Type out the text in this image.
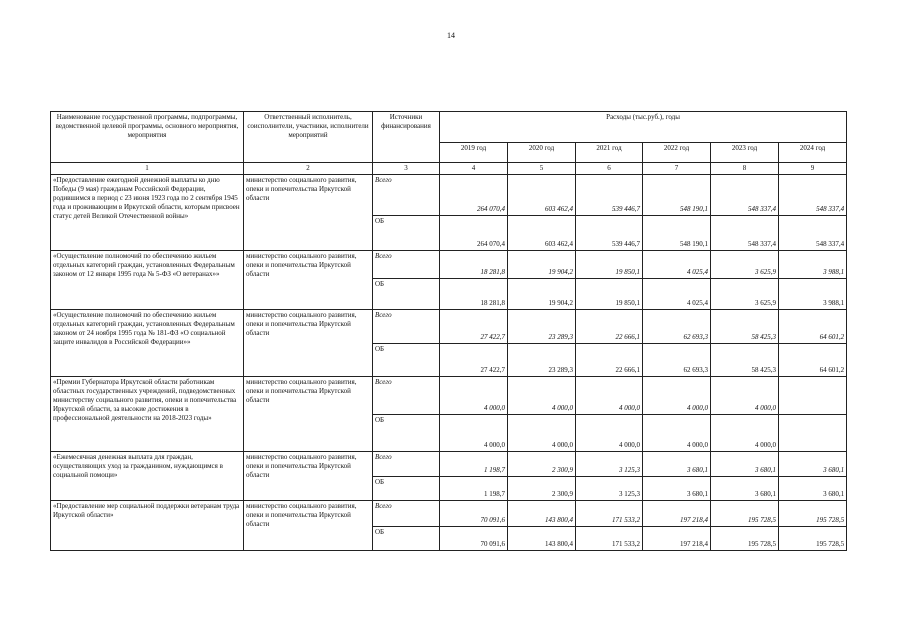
14
Наименование государственной программы, подпрограммы, ведомственной целевой программы, основного мероприятия, мероприятия	Ответственный исполнитель, соисполнители, участники, исполнители мероприятий	Источники финансирования	Расходы (тыс.руб.), годы					
			2019 год	2020 год	2021 год	2022 год	2023 год	2024 год
1	2	3	4	5	6	7	8	9
«Предоставление ежегодной денежной выплаты ко дню Победы (9 мая) гражданам Российской Федерации, родившимся в период с 23 июня 1923 года по 2 сентября 1945 года и проживающим в Иркутской области, которым присвоен статус детей Великой Отечественной войны»	министерство социального развития, опеки и попечительства Иркутской области	Всего	264 070,4	603 462,4	539 446,7	548 190,1	548 337,4	548 337,4
		ОБ	264 070,4	603 462,4	539 446,7	548 190,1	548 337,4	548 337,4
«Осуществление полномочий по обеспечению жильем отдельных категорий граждан, установленных Федеральным законом от 12 января 1995 года № 5-ФЗ «О ветеранах»»	министерство социального развития, опеки и попечительства Иркутской области	Всего	18 281,8	19 904,2	19 850,1	4 025,4	3 625,9	3 988,1
		ОБ	18 281,8	19 904,2	19 850,1	4 025,4	3 625,9	3 988,1
«Осуществление полномочий по обеспечению жильем отдельных категорий граждан, установленных Федеральным законом от 24 ноября 1995 года № 181-ФЗ «О социальной защите инвалидов в Российской Федерации»»	министерство социального развития, опеки и попечительства Иркутской области	Всего	27 422,7	23 289,3	22 666,1	62 693,3	58 425,3	64 601,2
		ОБ	27 422,7	23 289,3	22 666,1	62 693,3	58 425,3	64 601,2
«Премии Губернатора Иркутской области работникам областных государственных учреждений, подведомственных министерству социального развития, опеки и попечительства Иркутской области, за высокие достижения в профессиональной деятельности на 2018-2023 годы»	министерство социального развития, опеки и попечительства Иркутской области	Всего	4 000,0	4 000,0	4 000,0	4 000,0	4 000,0	
		ОБ	4 000,0	4 000,0	4 000,0	4 000,0	4 000,0	
«Ежемесячная денежная выплата для граждан, осуществляющих уход за гражданином, нуждающимся в социальной помощи»	министерство социального развития, опеки и попечительства Иркутской области	Всего	1 198,7	2 300,9	3 125,3	3 680,1	3 680,1	3 680,1
		ОБ	1 198,7	2 300,9	3 125,3	3 680,1	3 680,1	3 680,1
«Предоставление мер социальной поддержки ветеранам труда Иркутской области»	министерство социального развития, опеки и попечительства Иркутской области	Всего	70 091,6	143 800,4	171 533,2	197 218,4	195 728,5	195 728,5
		ОБ	70 091,6	143 800,4	171 533,2	197 218,4	195 728,5	195 728,5
